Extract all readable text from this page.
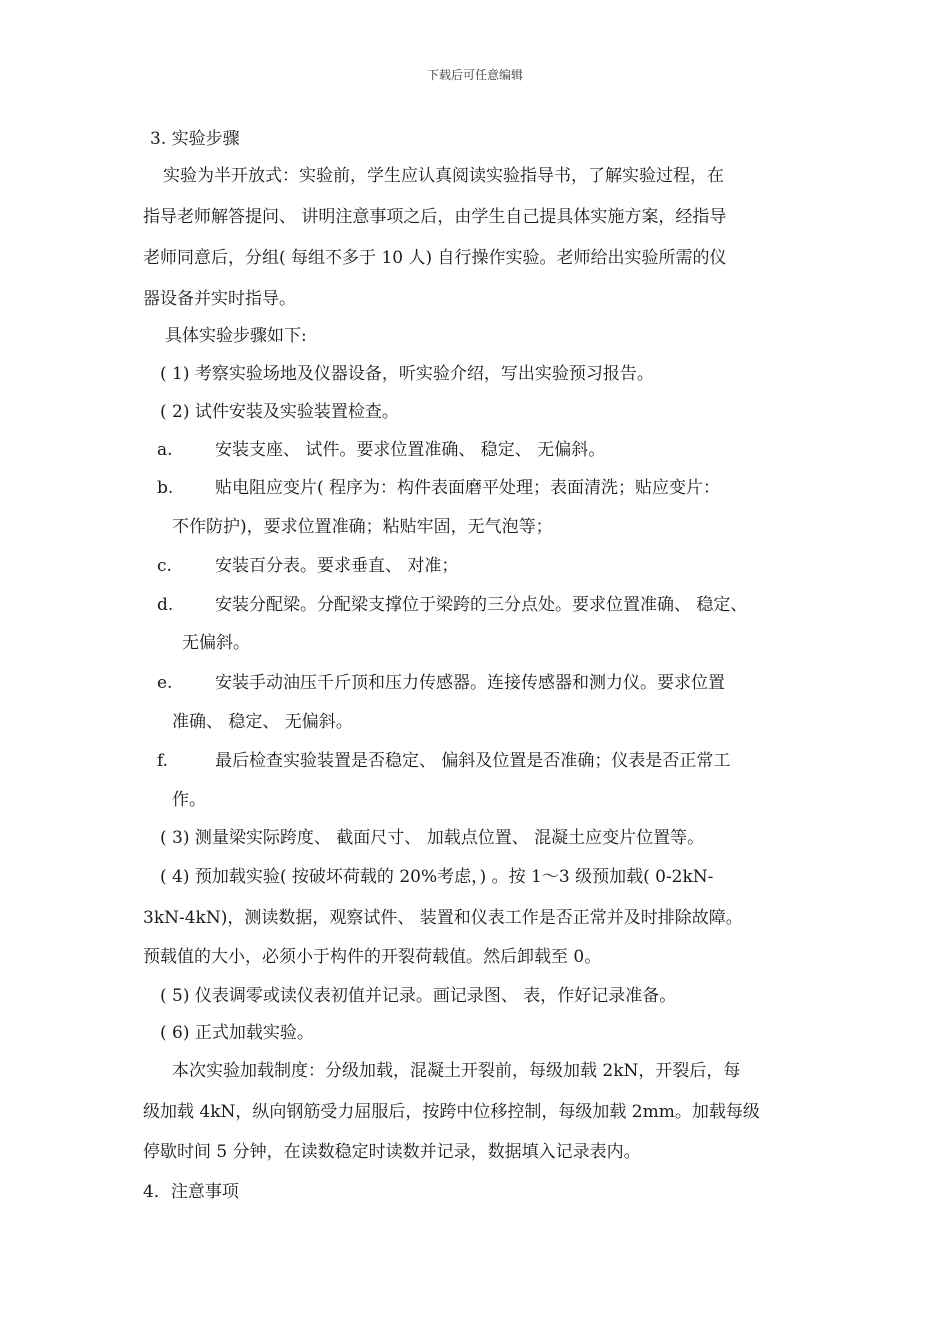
下载后可任意编辑
3. 实验步骤
实验为半开放式：实验前，学生应认真阅读实验指导书，了解实验过程，在
指导老师解答提问、 讲明注意事项之后，由学生自己提具体实施方案，经指导
老师同意后，分组( 每组不多于 10 人) 自行操作实验。老师给出实验所需的仪
器设备并实时指导。
具体实验步骤如下:
( 1) 考察实验场地及仪器设备，听实验介绍，写出实验预习报告。
( 2) 试件安装及实验装置检查。
a. 安装支座、 试件。要求位置准确、 稳定、 无偏斜。
b. 贴电阻应变片( 程序为：构件表面磨平处理；表面清洗；贴应变片：
不作防护)，要求位置准确；粘贴牢固，无气泡等；
c.	安装百分表。要求垂直、 对准；
d. 安装分配梁。分配梁支撑位于梁跨的三分点处。要求位置准确、 稳定、
无偏斜。
e.	安装手动油压千斤顶和压力传感器。连接传感器和测力仪。要求位置
准确、 稳定、 无偏斜。
f.	最后检查实验装置是否稳定、 偏斜及位置是否准确；仪表是否正常工
作。
( 3) 测量梁实际跨度、 截面尺寸、 加载点位置、 混凝土应变片位置等。
( 4) 预加载实验( 按破坏荷载的 20%考虑，) 。按 1～3 级预加载( 0-2kN-
3kN-4kN)，测读数据，观察试件、 装置和仪表工作是否正常并及时排除故障。
预载值的大小，必须小于构件的开裂荷载值。然后卸载至 0。
( 5) 仪表调零或读仪表初值并记录。画记录图、 表，作好记录准备。
( 6) 正式加载实验。
本次实验加载制度：分级加载，混凝土开裂前，每级加载 2kN，开裂后，每
级加载 4kN，纵向钢筋受力屈服后，按跨中位移控制，每级加载 2mm。加载每级
停歇时间 5 分钟，在读数稳定时读数并记录，数据填入记录表内。
4．注意事项
